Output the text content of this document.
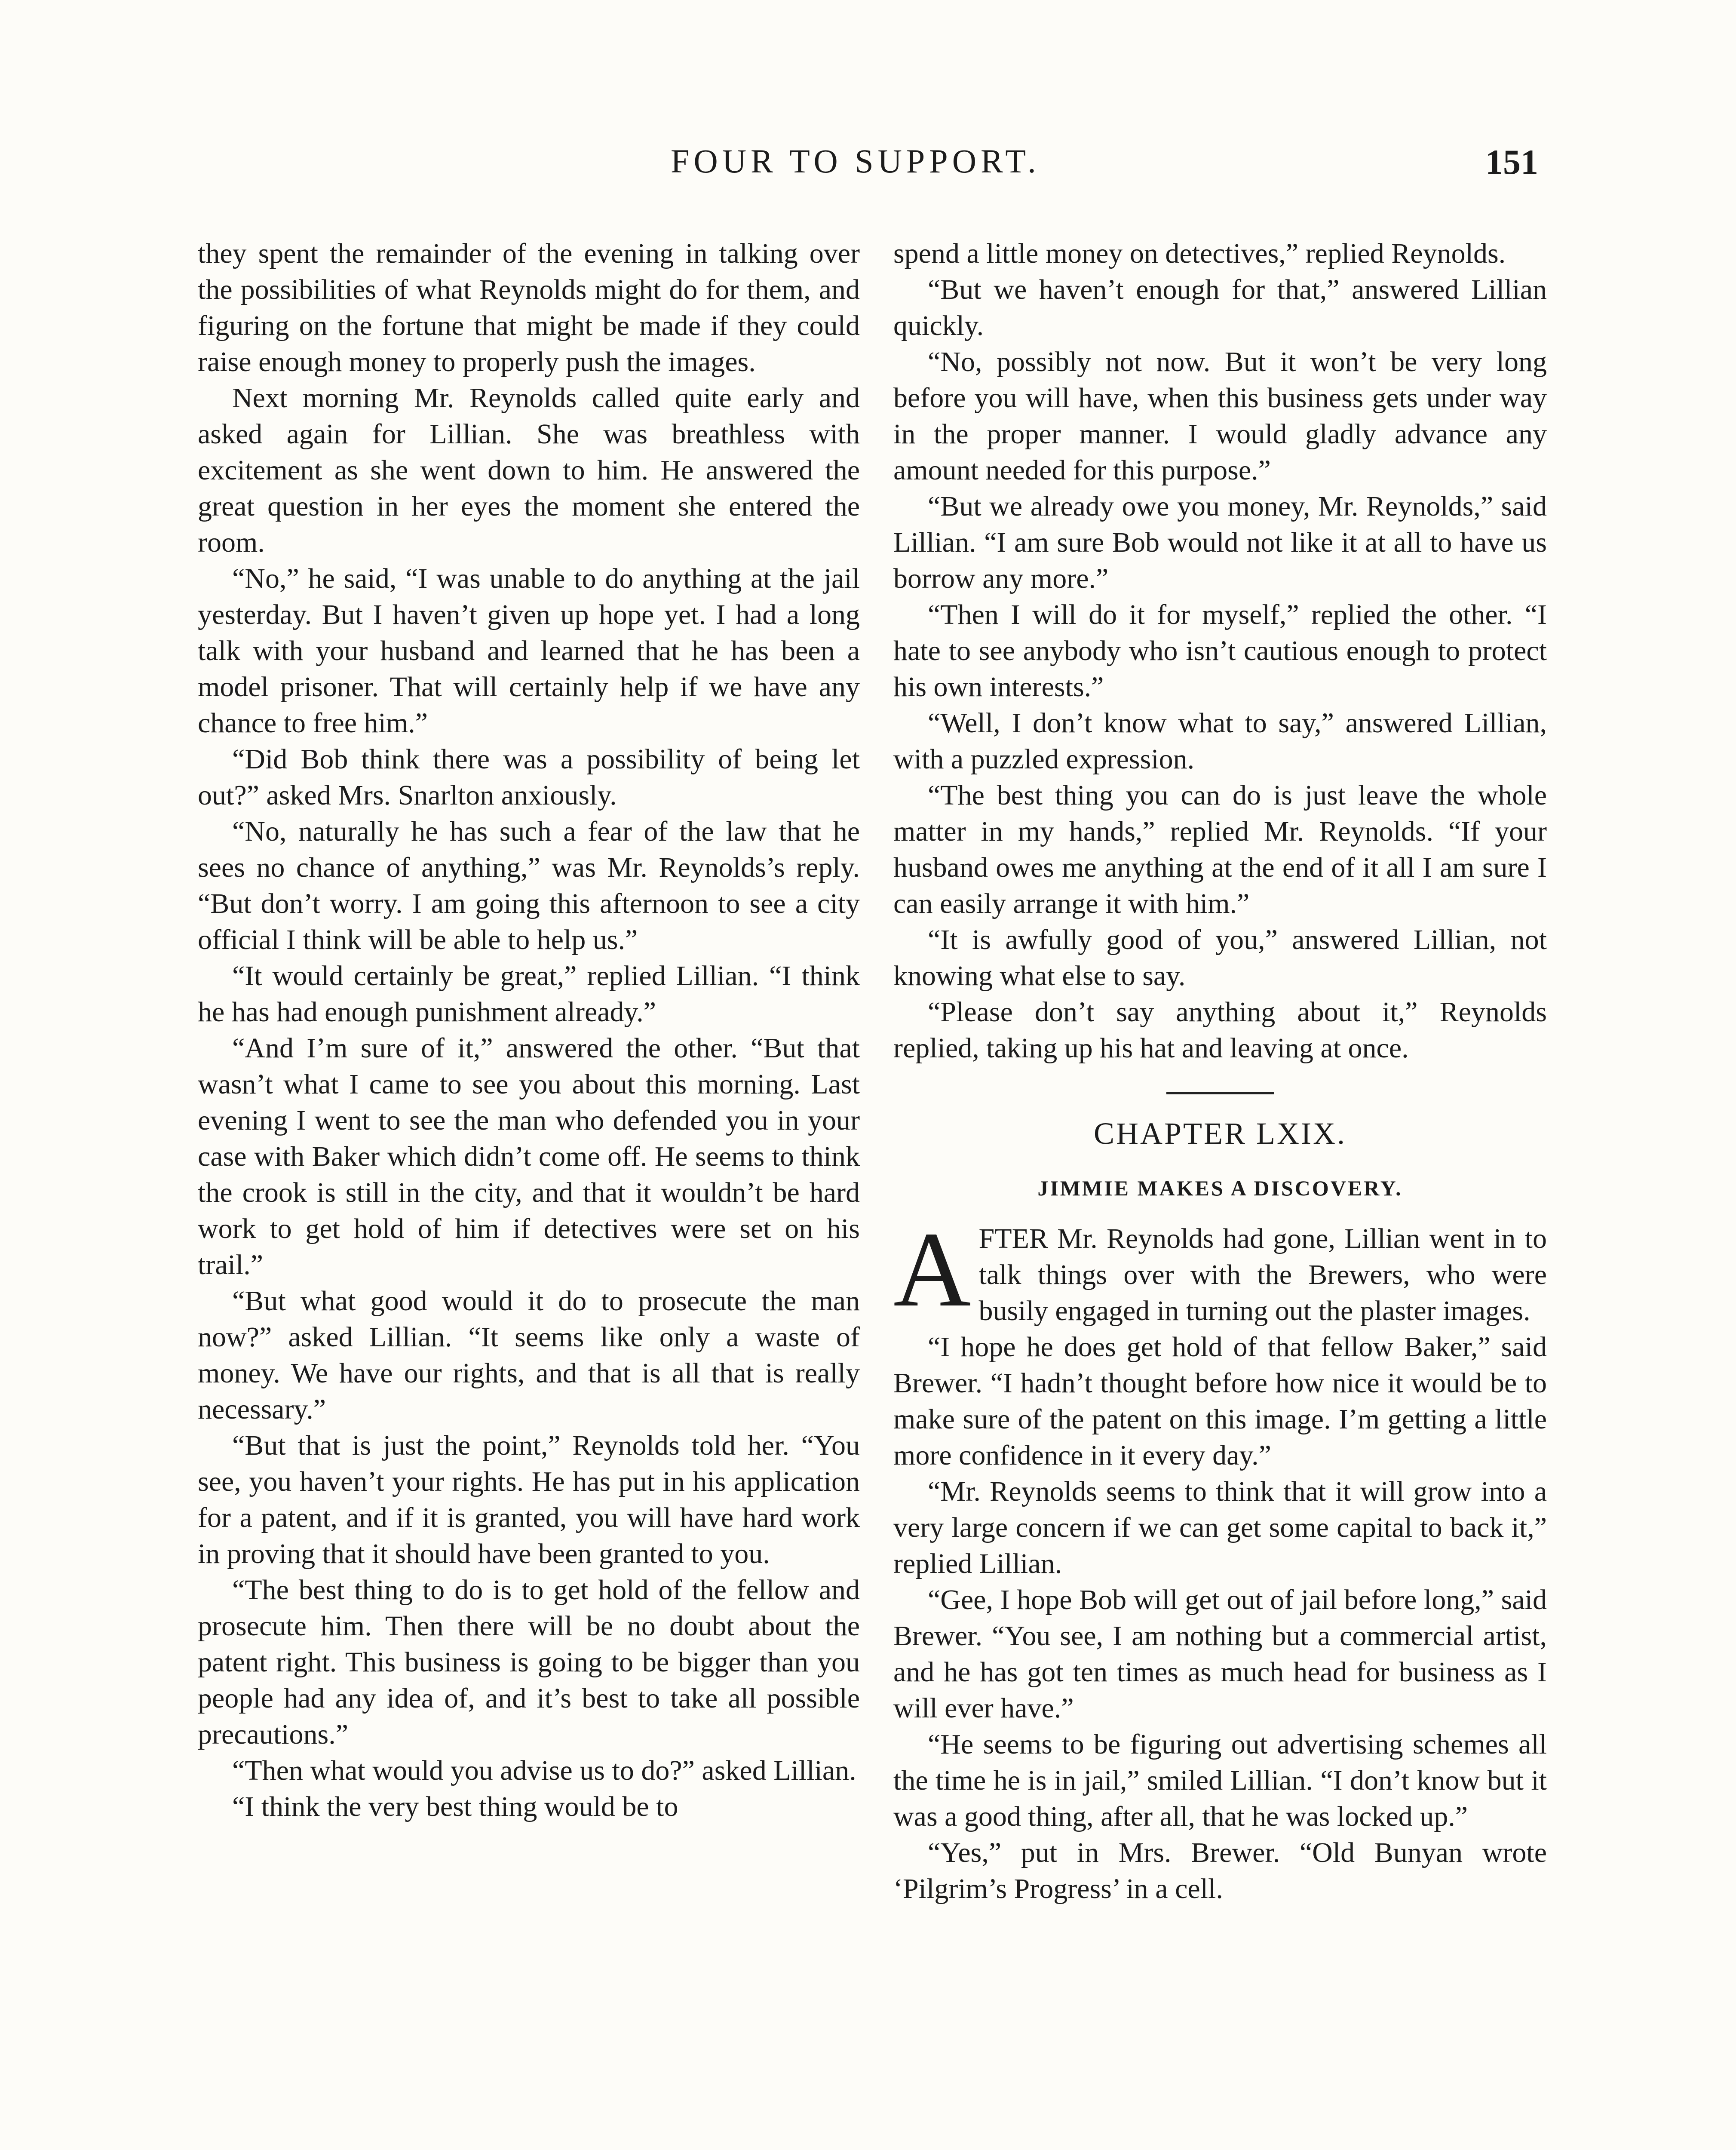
FOUR TO SUPPORT.	151

they spent the remainder of the evening in talking over the possibilities of what Reynolds might do for them, and figuring on the fortune that might be made if they could raise enough money to properly push the images.

Next morning Mr. Reynolds called quite early and asked again for Lillian. She was breathless with excitement as she went down to him. He answered the great question in her eyes the moment she entered the room.

“No,” he said, “I was unable to do anything at the jail yesterday. But I haven’t given up hope yet. I had a long talk with your husband and learned that he has been a model prisoner. That will certainly help if we have any chance to free him.”

“Did Bob think there was a possibility of being let out?” asked Mrs. Snarlton anxiously.

“No, naturally he has such a fear of the law that he sees no chance of anything,” was Mr. Reynolds’s reply. “But don’t worry. I am going this afternoon to see a city official I think will be able to help us.”

“It would certainly be great,” replied Lillian. “I think he has had enough punishment already.”

“And I’m sure of it,” answered the other. “But that wasn’t what I came to see you about this morning. Last evening I went to see the man who defended you in your case with Baker which didn’t come off. He seems to think the crook is still in the city, and that it wouldn’t be hard work to get hold of him if detectives were set on his trail.”

“But what good would it do to prosecute the man now?” asked Lillian. “It seems like only a waste of money. We have our rights, and that is all that is really necessary.”

“But that is just the point,” Reynolds told her. “You see, you haven’t your rights. He has put in his application for a patent, and if it is granted, you will have hard work in proving that it should have been granted to you.

“The best thing to do is to get hold of the fellow and prosecute him. Then there will be no doubt about the patent right. This business is going to be bigger than you people had any idea of, and it’s best to take all possible precautions.”

“Then what would you advise us to do?” asked Lillian.

“I think the very best thing would be to

spend a little money on detectives,” replied Reynolds.

“But we haven’t enough for that,” answered Lillian quickly.

“No, possibly not now. But it won’t be very long before you will have, when this business gets under way in the proper manner. I would gladly advance any amount needed for this purpose.”

“But we already owe you money, Mr. Reynolds,” said Lillian. “I am sure Bob would not like it at all to have us borrow any more.”

“Then I will do it for myself,” replied the other. “I hate to see anybody who isn’t cautious enough to protect his own interests.”

“Well, I don’t know what to say,” answered Lillian, with a puzzled expression.

“The best thing you can do is just leave the whole matter in my hands,” replied Mr. Reynolds. “If your husband owes me anything at the end of it all I am sure I can easily arrange it with him.”

“It is awfully good of you,” answered Lillian, not knowing what else to say.

“Please don’t say anything about it,” Reynolds replied, taking up his hat and leaving at once.

CHAPTER LXIX.
JIMMIE MAKES A DISCOVERY.

AFTER Mr. Reynolds had gone, Lillian went in to talk things over with the Brewers, who were busily engaged in turning out the plaster images.

“I hope he does get hold of that fellow Baker,” said Brewer. “I hadn’t thought before how nice it would be to make sure of the patent on this image. I’m getting a little more confidence in it every day.”

“Mr. Reynolds seems to think that it will grow into a very large concern if we can get some capital to back it,” replied Lillian.

“Gee, I hope Bob will get out of jail before long,” said Brewer. “You see, I am nothing but a commercial artist, and he has got ten times as much head for business as I will ever have.”

“He seems to be figuring out advertising schemes all the time he is in jail,” smiled Lillian. “I don’t know but it was a good thing, after all, that he was locked up.”

“Yes,” put in Mrs. Brewer. “Old Bunyan wrote ‘Pilgrim’s Progress’ in a cell.
